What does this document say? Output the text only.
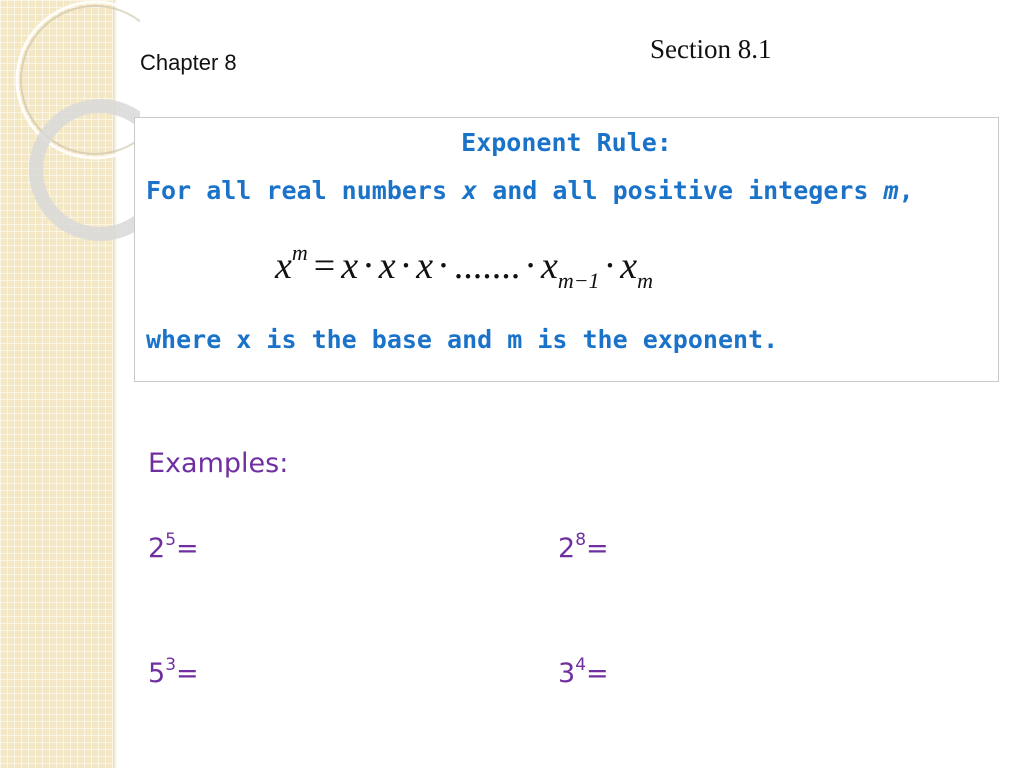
Chapter 8	Section 8.1
Exponent Rule:
For all real numbers x and all positive integers m,
$x^m = x \cdot x \cdot x$ · ....... · $x_{m-1} \cdot x_m$
where x is the base and m is the exponent.
Examples:
$2^5=$	$2^8=$
$5^3=$	$3^4=$
